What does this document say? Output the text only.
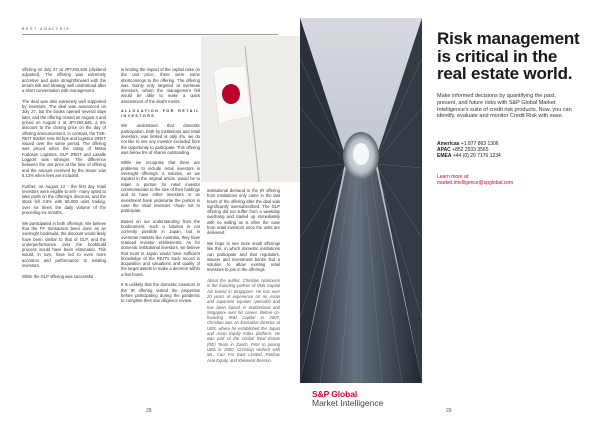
BEST ANALYSIS

offering on July 27 at JPY292,645 (dividend adjusted). The offering was extremely accretive and quite straightforward with the tenant risk and strategy well understood after a short conversation with management.

The deal was also extremely well supported by investors. The deal was announced on July 27, but the books opened several days later, and the offering closed on August 3 and priced on August 4 at JPY282,845, a 5% discount to the closing price on the day of offering announcement. In contrast, the TSE-REIT market rose 80 bps and logistics JREIT issued over the same period. The offering was priced when the rating of Mitsui Fudosan Logistics, GLP JREIT and Lasalle Logport was stronger. The difference between the unit price at the time of offering and the amount received by the issuer was 8.12% when fees are included.

Further, on August 12 - the first day retail investors were eligible to sell - many opted to take profit on the offering's discount, and the stock fell 3.6% with 66,000 units trading, over six times the daily volume of the preceding six months.

We participated in both offerings. We believe that the FF transaction been done as an overnight bookbuild, the discount would likely have been similar to that of GLP, and the underperformance over the bookbuild process would have been eliminated. This would, in turn, have led to even more accretion and performance to existing investors.

While the GLP offering was successful

in limiting the impact of the capital raise on the unit price, there were some shortcomings to the offering. The offering was mainly only targeted at overseas investors, whom the management felt would be able to make a quick assessment of the deal's merits.

ALLOCATION FOR RETAIL INVESTORS

We understand that domestic participation, both by institutions and retail investors, was limited at only 4%, we do not like to see any investor excluded from the opportunity to participate. This offering was below 5% of shares outstanding.

While we recognise that there are problems to include retail investors in overnight offerings, a solution, as we expand in the original article, would be to retain a portion for retail investor commensurate to the size of their holdings and to have either investors or an investment bank underwrite the portion in case the retail investors chose not to participate.

Based on our understanding from the bookrunners, such a solution is not currently possible in Japan, but in overseas markets like Australia, they have retained investor entitlements. As for domestic institutional investors, we believe that most in Japan would have sufficient knowledge of the REIT's track record in acquisition and valuations and quality of the target assets to make a decision within a few hours.

It is unlikely that the domestic investors in the IR offering visited the properties before participating during the pandemic to complete their due diligence review.

institutional demand in the IR offering from institutions only came in the last hours of the offering after the deal was significantly oversubscribed. The GLP offering did not suffer from a weekday overhang and traded up immediately with no selling as is often the case from retail investors once the units are delivered.

We hope to see more small offerings like this, in which domestic institutions can participate and that regulators, issuers and investment banks find a solution to allow existing retail investors to join in the offerings.

About the author, Christian Nomoussi is the founding partner of IR&I Capital AG based in Singapore. He has over 20 years of experience on an Asian and Japanese equities specialist and has been based in Switzerland and Singapore over his career. Before co-founding IR&I Capital in 2007, Christian was an Executive Director at UBS, where he established the Japan and Asian Equity Index platform. He was part of the Global Real Estate (RE) Team in Zurich. Prior to joining UBS in 2000, Christian worked with ML, Carr Far East Limited, Paribas Asia Equity, and Kleinwort Benson.

28
Risk management is critical in the real estate world.
Make informed decisions by quantifying the past, present, and future risks with S&P Global Market Intelligence's suite of credit risk products. Now, you can identify, evaluate and monitor Credit Risk with ease.
Americas +1 877 863 1306
APAC +852 2533 3565
EMEA +44 (0) 20 7176 1234
Learn more at:
market.intelligence@spglobal.com
S&P Global
Market Intelligence
29
